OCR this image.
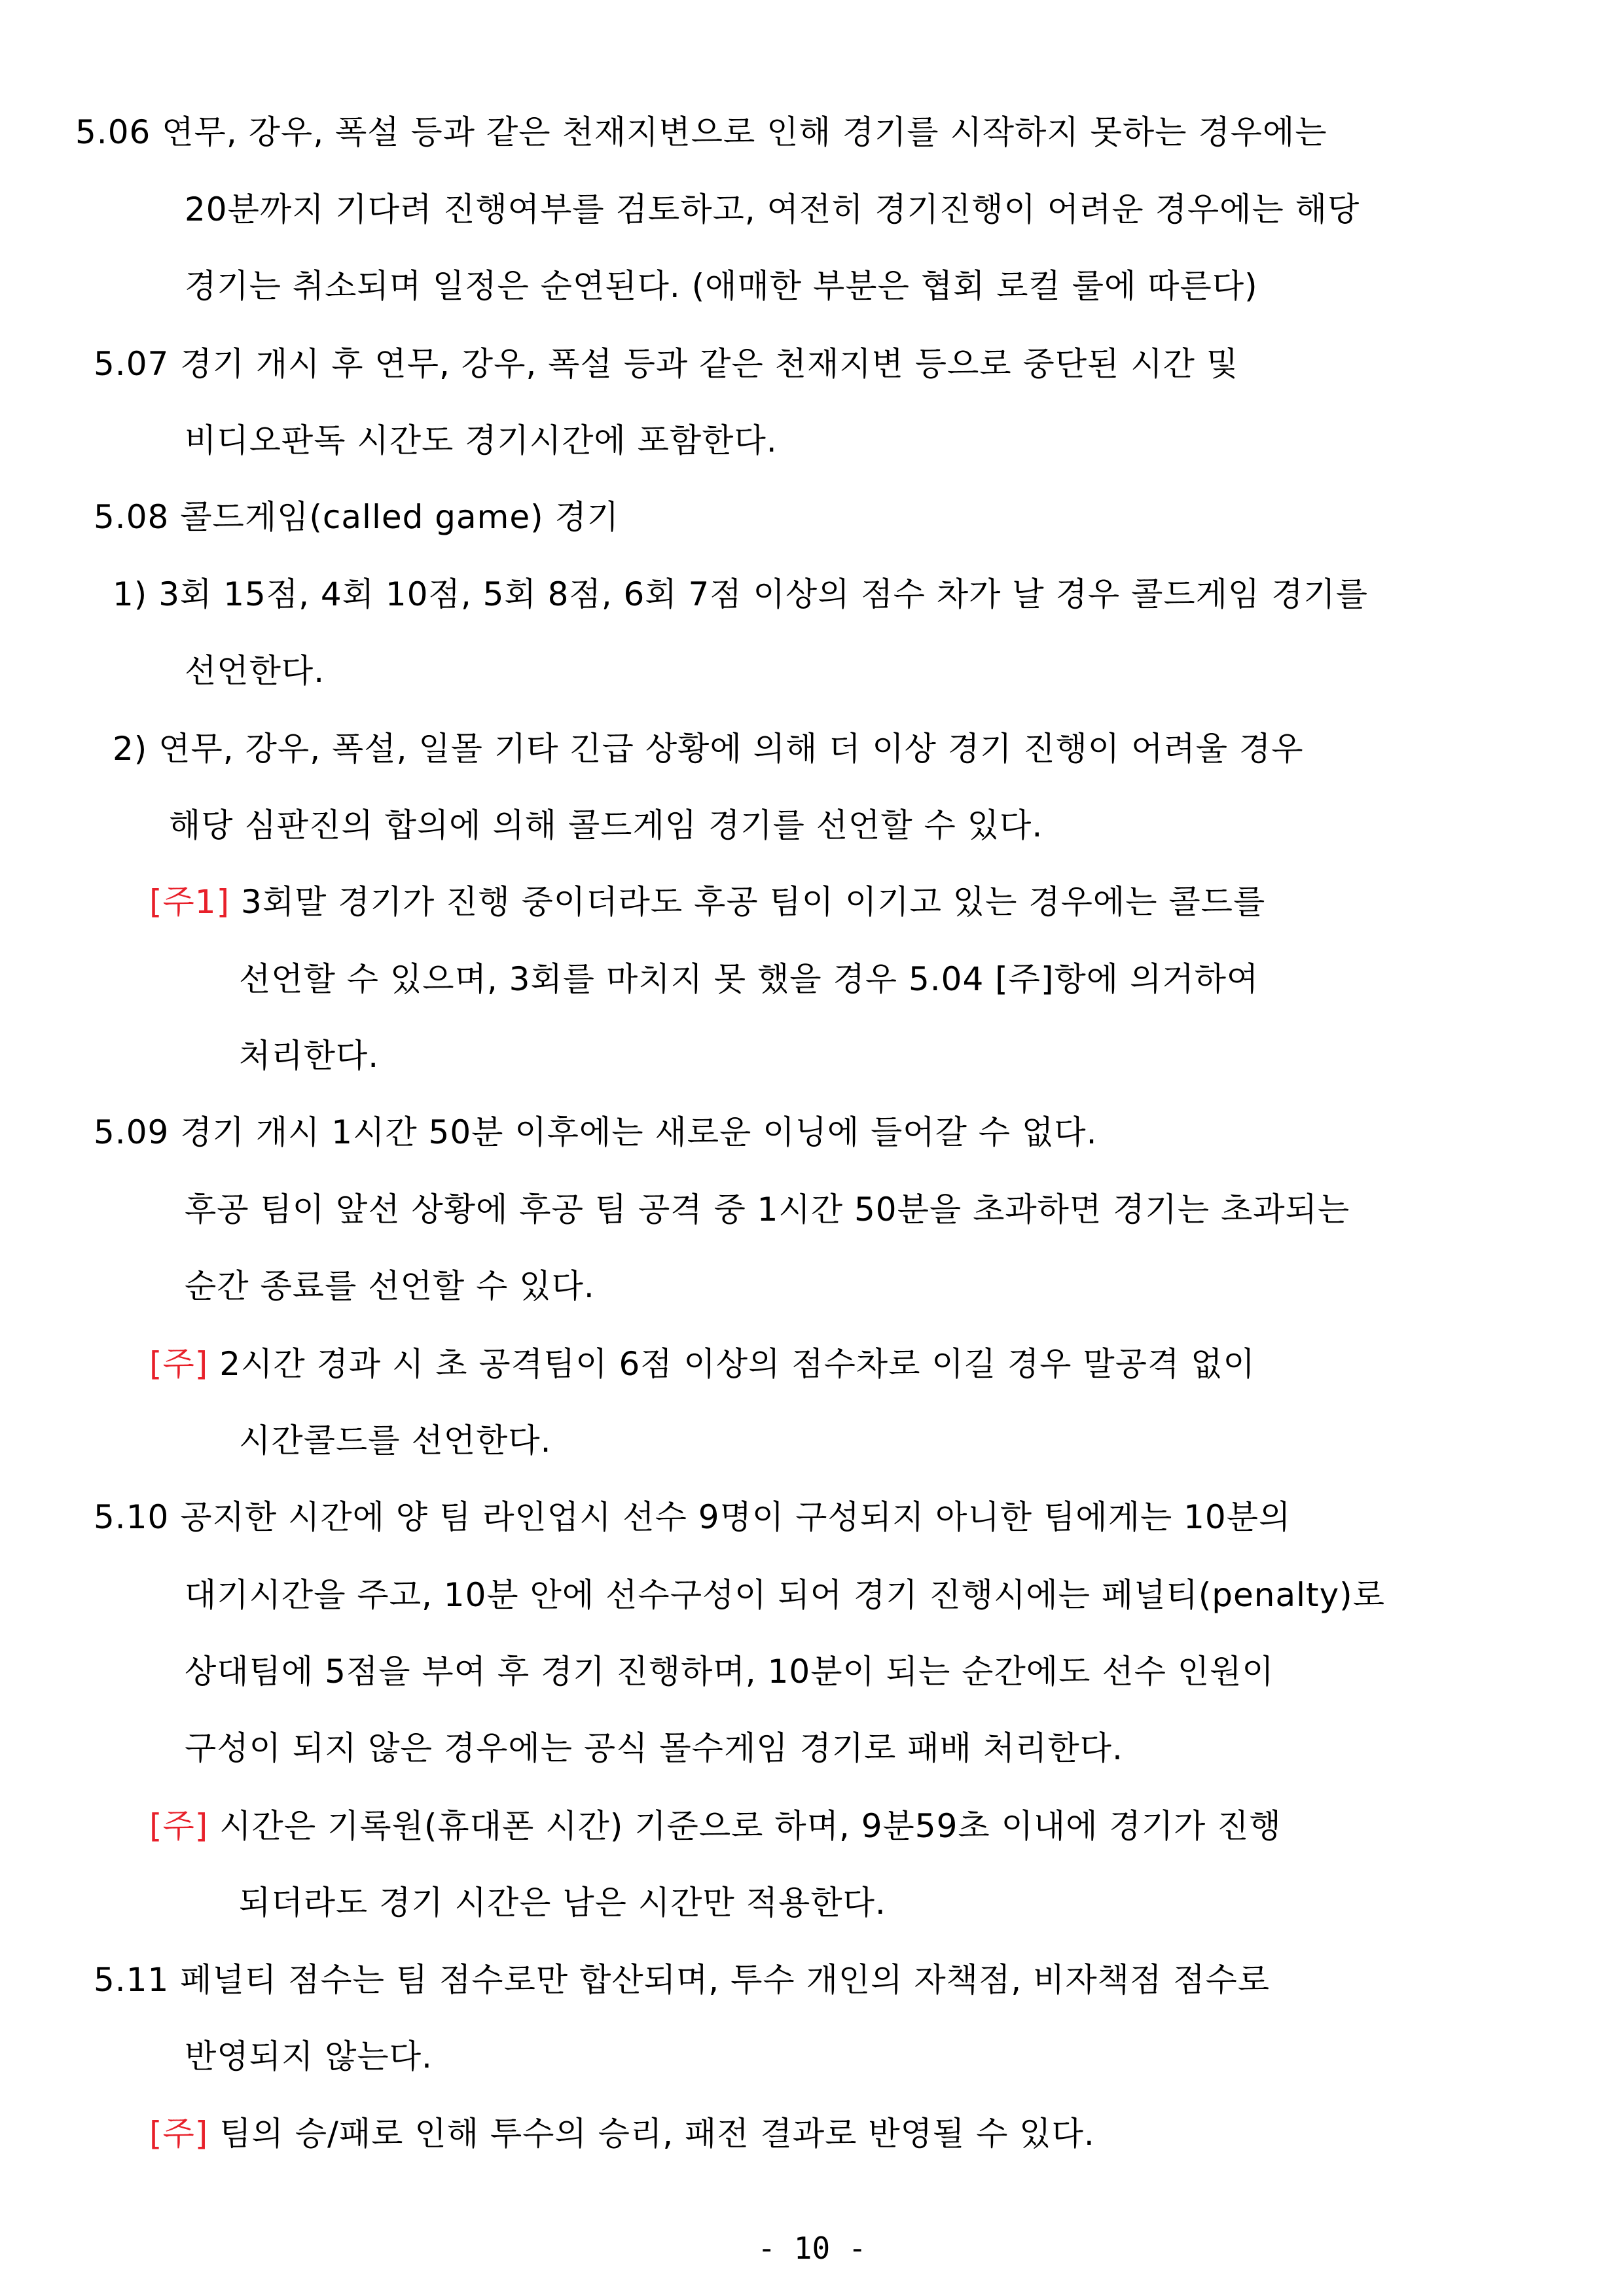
5.06 연무, 강우, 폭설 등과 같은 천재지변으로 인해 경기를 시작하지 못하는 경우에는
20분까지 기다려 진행여부를 검토하고, 여전히 경기진행이 어려운 경우에는 해당
경기는 취소되며 일정은 순연된다. (애매한 부분은 협회 로컬 룰에 따른다)
5.07 경기 개시 후 연무, 강우, 폭설 등과 같은 천재지변 등으로 중단된 시간 및
비디오판독 시간도 경기시간에 포함한다.
5.08 콜드게임(called game) 경기
1) 3회 15점, 4회 10점, 5회 8점, 6회 7점 이상의 점수 차가 날 경우 콜드게임 경기를
선언한다.
2) 연무, 강우, 폭설, 일몰 기타 긴급 상황에 의해 더 이상 경기 진행이 어려울 경우
해당 심판진의 합의에 의해 콜드게임 경기를 선언할 수 있다.
[주1] 3회말 경기가 진행 중이더라도 후공 팀이 이기고 있는 경우에는 콜드를
선언할 수 있으며, 3회를 마치지 못 했을 경우 5.04 [주]항에 의거하여
처리한다.
5.09 경기 개시 1시간 50분 이후에는 새로운 이닝에 들어갈 수 없다.
후공 팀이 앞선 상황에 후공 팀 공격 중 1시간 50분을 초과하면 경기는 초과되는
순간 종료를 선언할 수 있다.
[주] 2시간 경과 시 초 공격팀이 6점 이상의 점수차로 이길 경우 말공격 없이
시간콜드를 선언한다.
5.10 공지한 시간에 양 팀 라인업시 선수 9명이 구성되지 아니한 팀에게는 10분의
대기시간을 주고, 10분 안에 선수구성이 되어 경기 진행시에는 페널티(penalty)로
상대팀에 5점을 부여 후 경기 진행하며, 10분이 되는 순간에도 선수 인원이
구성이 되지 않은 경우에는 공식 몰수게임 경기로 패배 처리한다.
[주] 시간은 기록원(휴대폰 시간) 기준으로 하며, 9분59초 이내에 경기가 진행
되더라도 경기 시간은 남은 시간만 적용한다.
5.11 페널티 점수는 팀 점수로만 합산되며, 투수 개인의 자책점, 비자책점 점수로
반영되지 않는다.
[주] 팀의 승/패로 인해 투수의 승리, 패전 결과로 반영될 수 있다.
- 10 -
